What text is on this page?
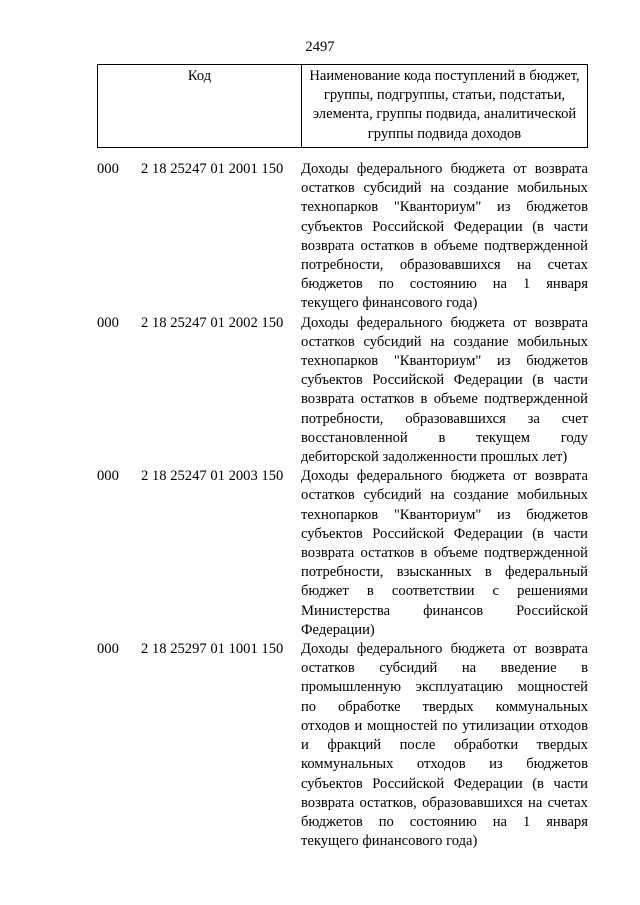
2497
Код	Наименование кода поступлений в бюджет,
группы, подгруппы, статьи, подстатьи,
элемента, группы подвида, аналитической
группы подвида доходов
000	2 18 25247 01 2001 150	Доходы федерального бюджета от возврата
остатков субсидий на создание мобильных
технопарков "Кванториум" из бюджетов
субъектов Российской Федерации (в части
возврата остатков в объеме подтвержденной
потребности, образовавшихся на счетах
бюджетов по состоянию на 1 января
текущего финансового года)
000	2 18 25247 01 2002 150	Доходы федерального бюджета от возврата
остатков субсидий на создание мобильных
технопарков "Кванториум" из бюджетов
субъектов Российской Федерации (в части
возврата остатков в объеме подтвержденной
потребности, образовавшихся за счет
восстановленной в текущем году
дебиторской задолженности прошлых лет)
000	2 18 25247 01 2003 150	Доходы федерального бюджета от возврата
остатков субсидий на создание мобильных
технопарков "Кванториум" из бюджетов
субъектов Российской Федерации (в части
возврата остатков в объеме подтвержденной
потребности, взысканных в федеральный
бюджет в соответствии с решениями
Министерства финансов Российской
Федерации)
000	2 18 25297 01 1001 150	Доходы федерального бюджета от возврата
остатков субсидий на введение в
промышленную эксплуатацию мощностей
по обработке твердых коммунальных
отходов и мощностей по утилизации отходов
и фракций после обработки твердых
коммунальных отходов из бюджетов
субъектов Российской Федерации (в части
возврата остатков, образовавшихся на счетах
бюджетов по состоянию на 1 января
текущего финансового года)
